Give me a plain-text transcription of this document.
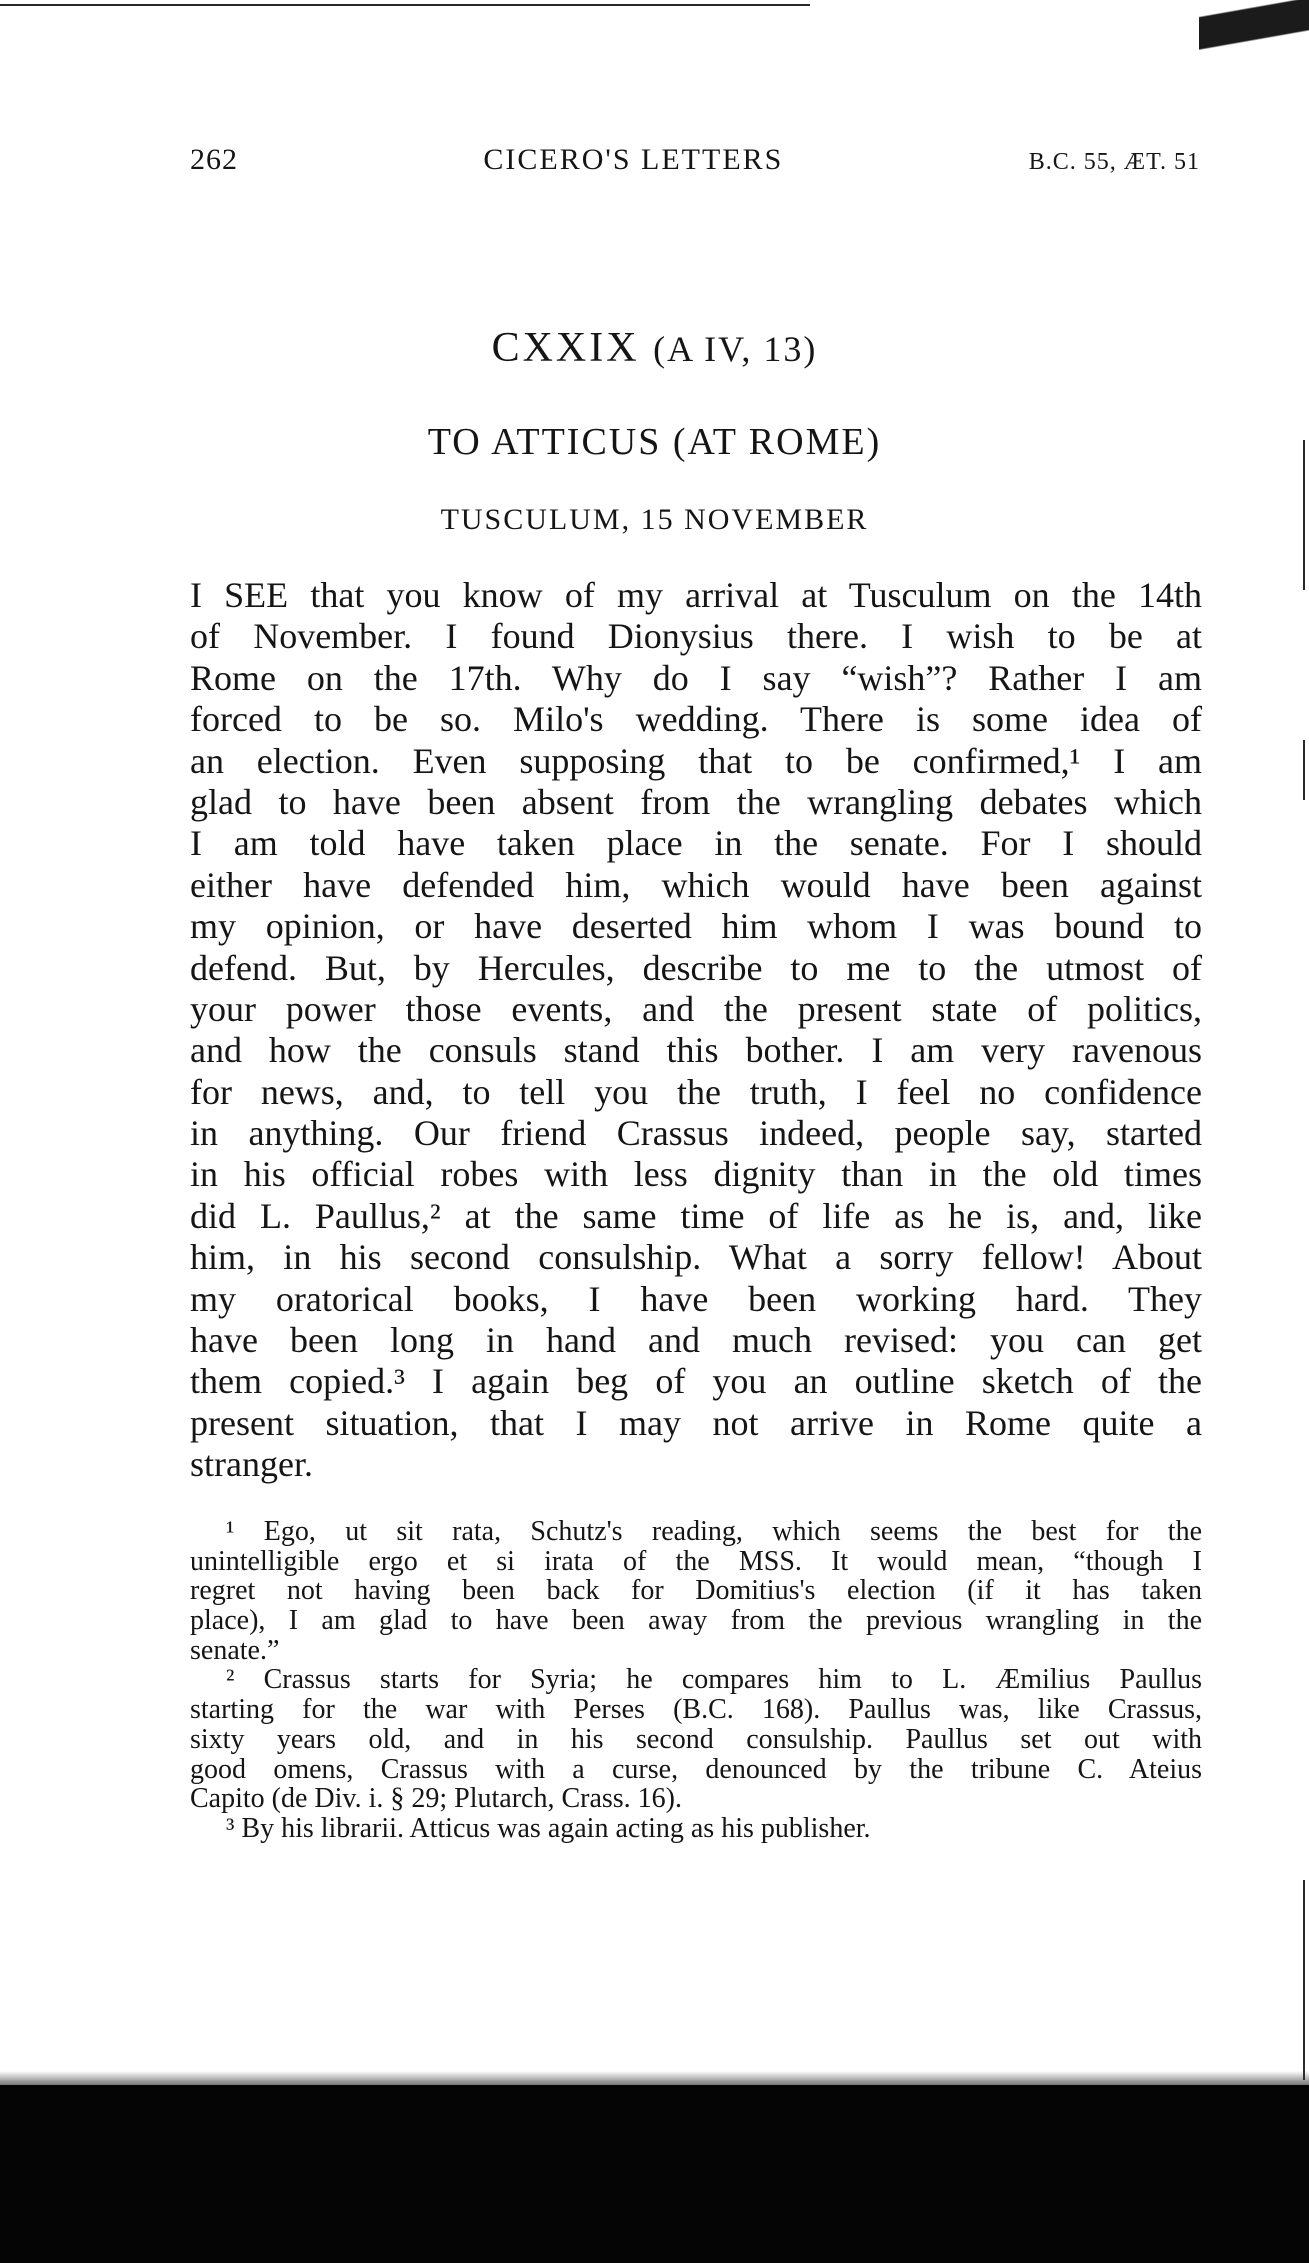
262	CICERO'S LETTERS	B.C. 55, ÆT. 51
CXXIX (A IV, 13)
TO ATTICUS (AT ROME)
TUSCULUM, 15 NOVEMBER
I SEE that you know of my arrival at Tusculum on the 14th
of November. I found Dionysius there. I wish to be at
Rome on the 17th. Why do I say “wish”? Rather I am
forced to be so. Milo's wedding. There is some idea of
an election. Even supposing that to be confirmed,¹ I am
glad to have been absent from the wrangling debates which
I am told have taken place in the senate. For I should
either have defended him, which would have been against
my opinion, or have deserted him whom I was bound to
defend. But, by Hercules, describe to me to the utmost of
your power those events, and the present state of politics,
and how the consuls stand this bother. I am very ravenous
for news, and, to tell you the truth, I feel no confidence
in anything. Our friend Crassus indeed, people say, started
in his official robes with less dignity than in the old times
did L. Paullus,² at the same time of life as he is, and, like
him, in his second consulship. What a sorry fellow! About
my oratorical books, I have been working hard. They
have been long in hand and much revised: you can get
them copied.³ I again beg of you an outline sketch of the
present situation, that I may not arrive in Rome quite a
stranger.
¹ Ego, ut sit rata, Schutz's reading, which seems the best for the
unintelligible ergo et si irata of the MSS. It would mean, “though I
regret not having been back for Domitius's election (if it has taken
place), I am glad to have been away from the previous wrangling in the
senate.”
² Crassus starts for Syria; he compares him to L. Æmilius Paullus
starting for the war with Perses (B.C. 168). Paullus was, like Crassus,
sixty years old, and in his second consulship. Paullus set out with
good omens, Crassus with a curse, denounced by the tribune C. Ateius
Capito (de Div. i. § 29; Plutarch, Crass. 16).
³ By his librarii. Atticus was again acting as his publisher.
